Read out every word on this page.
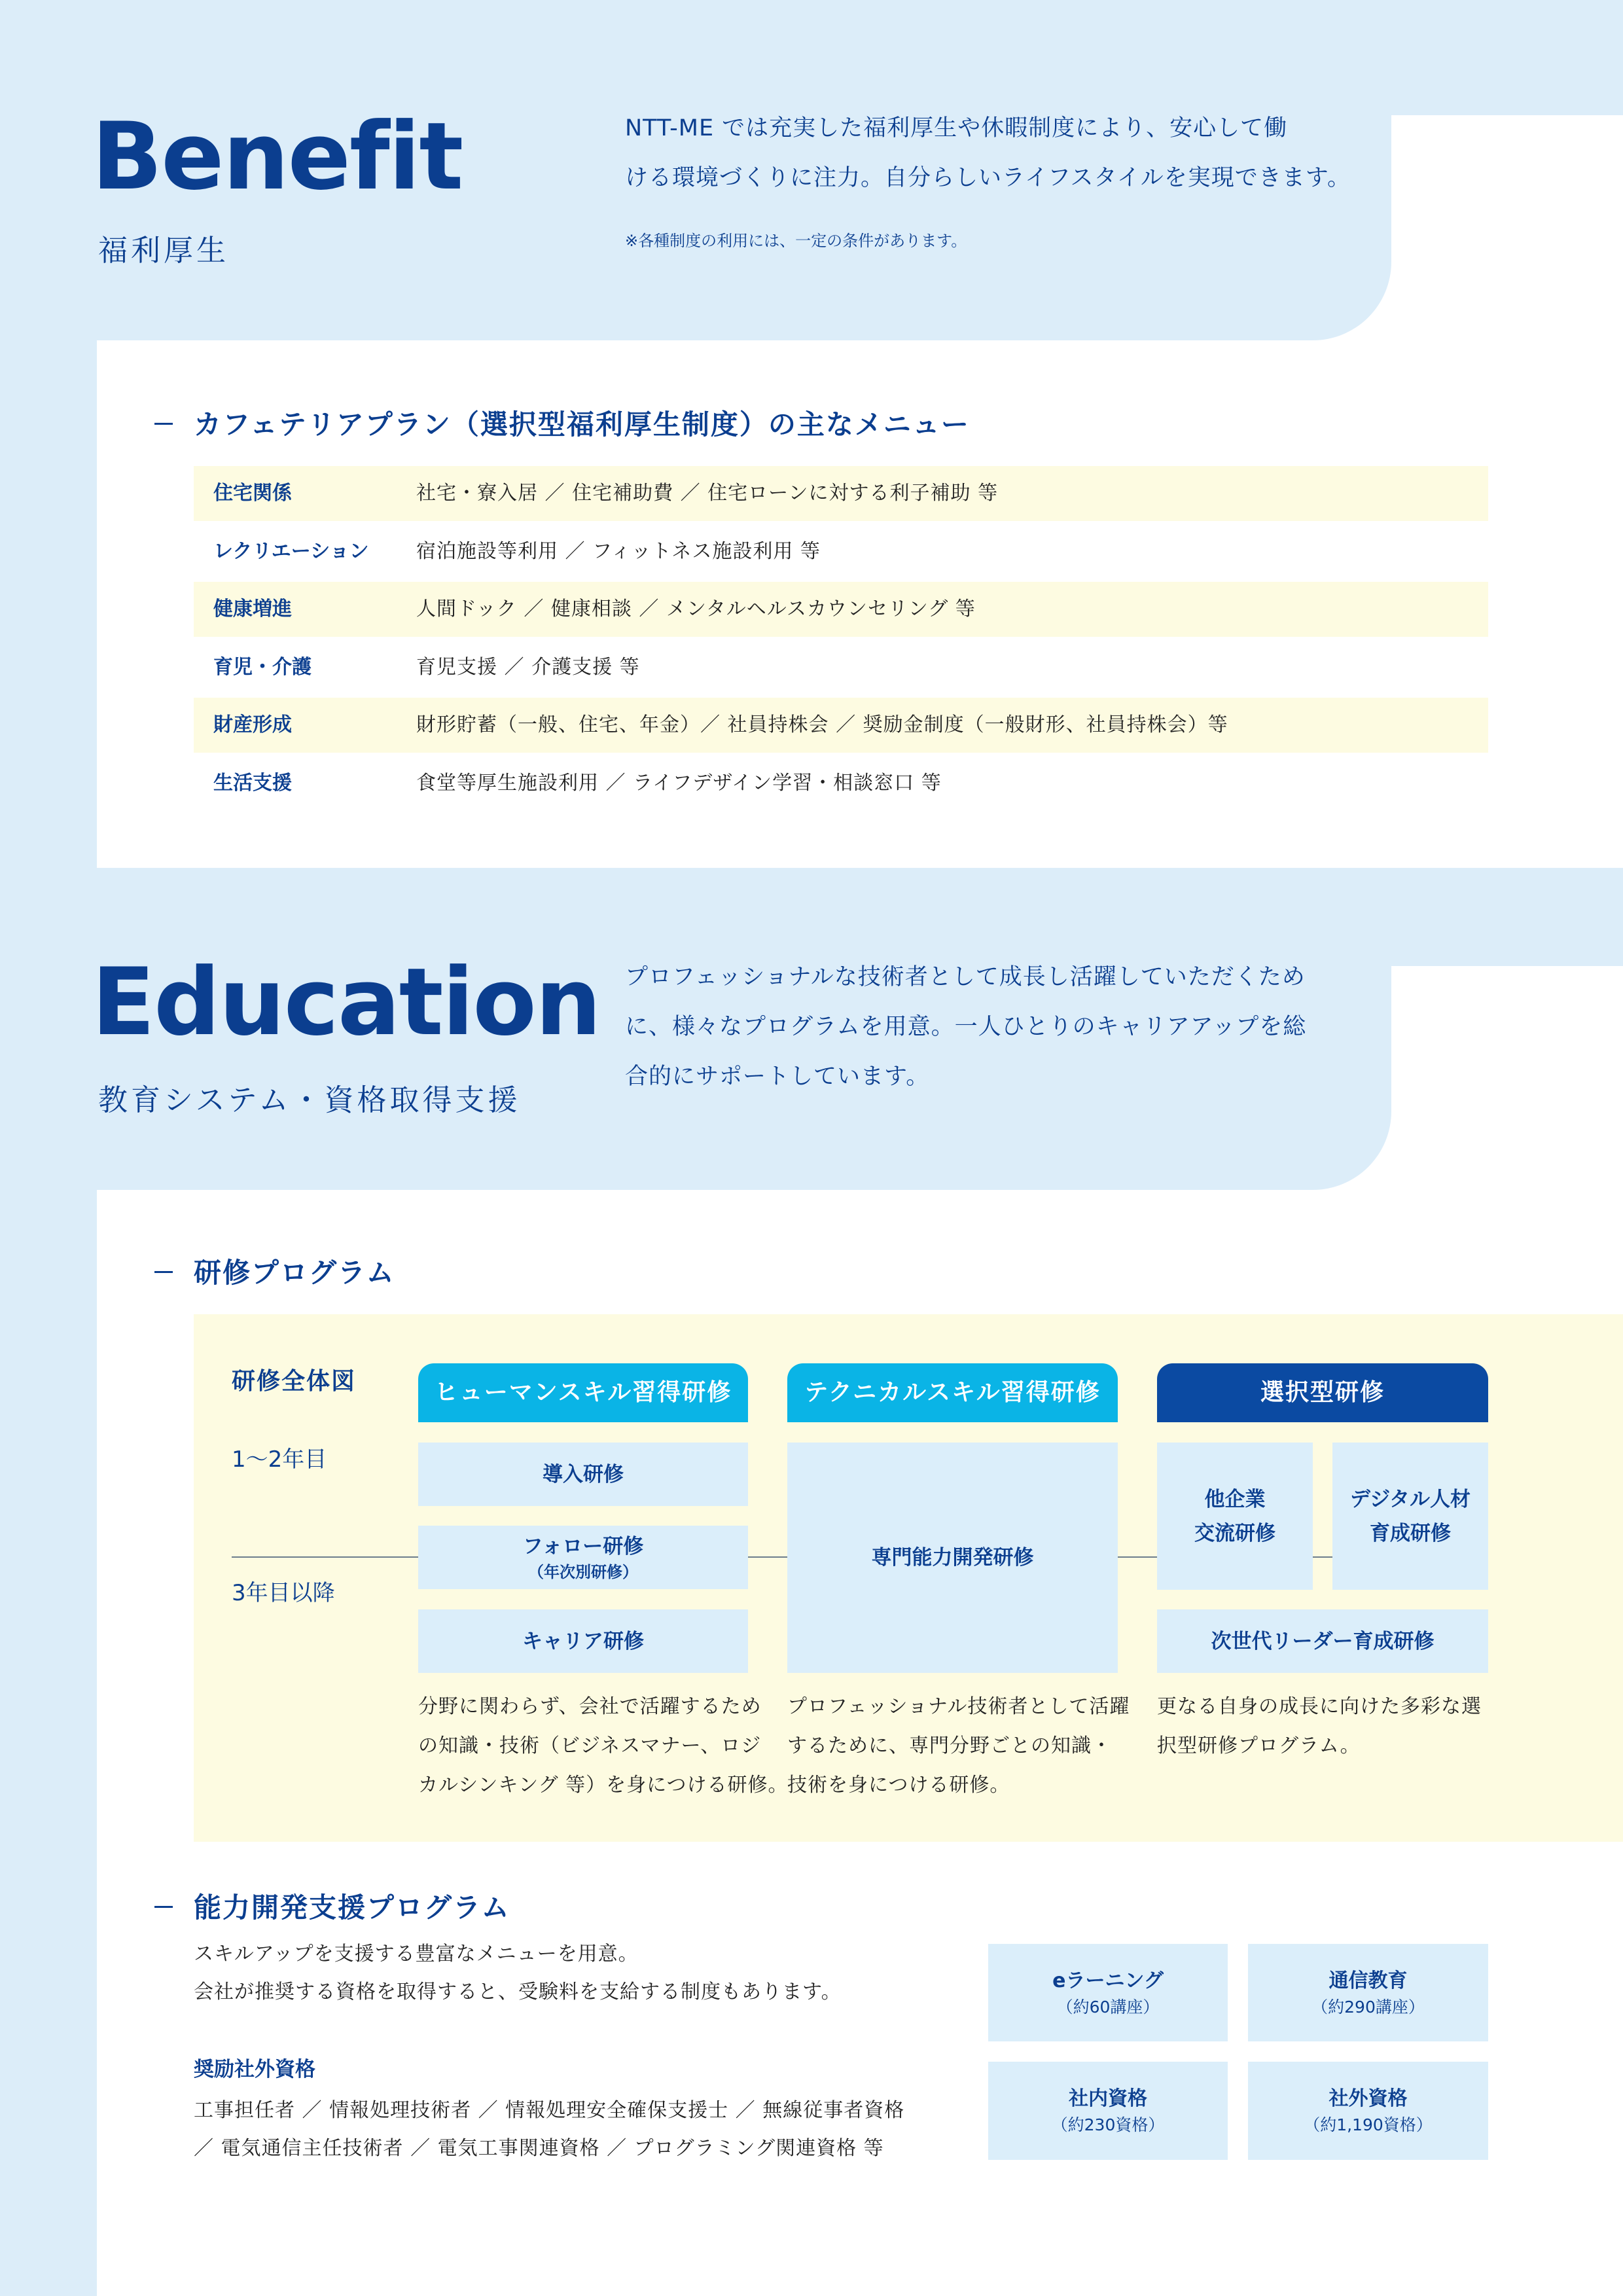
Benefit
福利厚生
NTT-ME では充実した福利厚生や休暇制度により、安心して働
ける環境づくりに注力。自分らしいライフスタイルを実現できます。
※各種制度の利用には、一定の条件があります。
カフェテリアプラン（選択型福利厚生制度）の主なメニュー
住宅関係	社宅・寮入居 ／ 住宅補助費 ／ 住宅ローンに対する利子補助 等
レクリエーション 宿泊施設等利用 ／ フィットネス施設利用 等
健康増進	人間ドック ／ 健康相談 ／ メンタルヘルスカウンセリング 等
育児・介護	育児支援 ／ 介護支援 等
財産形成	財形貯蓄（一般、住宅、年金）／ 社員持株会 ／ 奨励金制度（一般財形、社員持株会）等
生活支援	食堂等厚生施設利用 ／ ライフデザイン学習・相談窓口 等
Education
教育システム・資格取得支援
プロフェッショナルな技術者として成長し活躍していただくため
に、様々なプログラムを用意。一人ひとりのキャリアアップを総
合的にサポートしています。
研修プログラム
研修全体図
1〜2年目
3年目以降
ヒューマンスキル習得研修
導入研修
フォロー研修
（年次別研修）
キャリア研修
分野に関わらず、会社で活躍するため
の知識・技術（ビジネスマナー、ロジ
カルシンキング 等）を身につける研修。
テクニカルスキル習得研修
専門能力開発研修
プロフェッショナル技術者として活躍
するために、専門分野ごとの知識・
技術を身につける研修。
選択型研修
他企業
交流研修
デジタル人材
育成研修
次世代リーダー育成研修
更なる自身の成長に向けた多彩な選
択型研修プログラム。
能力開発支援プログラム
スキルアップを支援する豊富なメニューを用意。
会社が推奨する資格を取得すると、受験料を支給する制度もあります。
奨励社外資格
工事担任者 ／ 情報処理技術者 ／ 情報処理安全確保支援士 ／ 無線従事者資格
／ 電気通信主任技術者 ／ 電気工事関連資格 ／ プログラミング関連資格 等
eラーニング
（約60講座）
通信教育
（約290講座）
社内資格
（約230資格）
社外資格
（約1,190資格）
